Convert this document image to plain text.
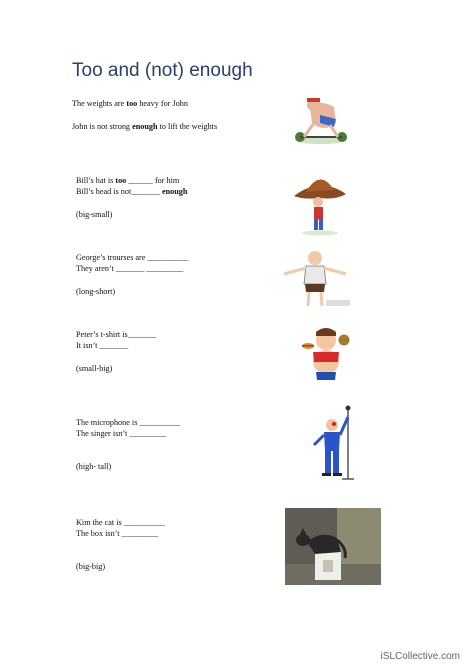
Too and (not) enough
The weights are too heavy for John
John is not strong enough to lift the weights
Bill’s hat is too ______ for him
Bill’s head is not_______ enough
(big-small)
George’s trourses are __________
They aren’t _______ _________
(long-short)
Peter’s t-shirt is_______
It isn’t _______
(small-big)
The microphone is __________
The singer isn’t _________
(high- tall)
Kim the cat is __________
The box isn’t _________
(big-big)
iSLCollective.com
